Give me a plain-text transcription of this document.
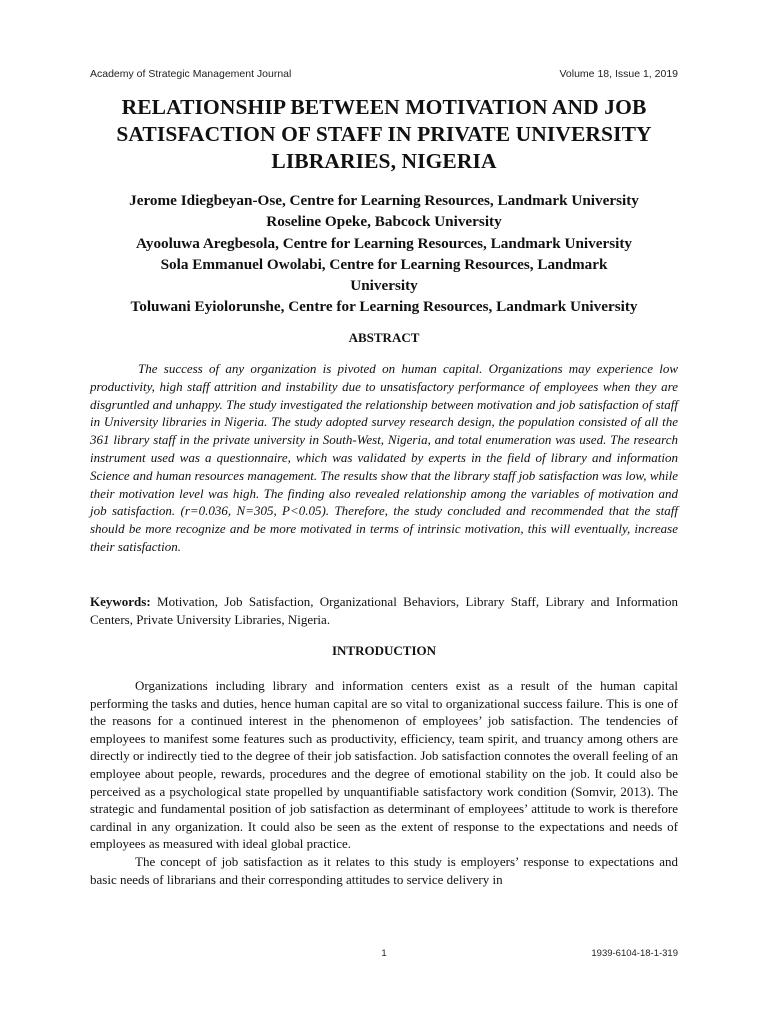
Academy of Strategic Management Journal	Volume 18, Issue 1, 2019
RELATIONSHIP BETWEEN MOTIVATION AND JOB
SATISFACTION OF STAFF IN PRIVATE UNIVERSITY
LIBRARIES, NIGERIA
Jerome Idiegbeyan-Ose, Centre for Learning Resources, Landmark University
Roseline Opeke, Babcock University
Ayooluwa Aregbesola, Centre for Learning Resources, Landmark University
Sola Emmanuel Owolabi, Centre for Learning Resources, Landmark
University
Toluwani Eyiolorunshe, Centre for Learning Resources, Landmark University
ABSTRACT

The success of any organization is pivoted on human capital. Organizations may experience low productivity, high staff attrition and instability due to unsatisfactory performance of employees when they are disgruntled and unhappy. The study investigated the relationship between motivation and job satisfaction of staff in University libraries in Nigeria. The study adopted survey research design, the population consisted of all the 361 library staff in the private university in South-West, Nigeria, and total enumeration was used. The research instrument used was a questionnaire, which was validated by experts in the field of library and information Science and human resources management. The results show that the library staff job satisfaction was low, while their motivation level was high. The finding also revealed relationship among the variables of motivation and job satisfaction. (r=0.036, N=305, P<0.05). Therefore, the study concluded and recommended that the staff should be more recognize and be more motivated in terms of intrinsic motivation, this will eventually, increase their satisfaction.

Keywords: Motivation, Job Satisfaction, Organizational Behaviors, Library Staff, Library and Information Centers, Private University Libraries, Nigeria.

INTRODUCTION

Organizations including library and information centers exist as a result of the human capital performing the tasks and duties, hence human capital are so vital to organizational success failure. This is one of the reasons for a continued interest in the phenomenon of employees’ job satisfaction. The tendencies of employees to manifest some features such as productivity, efficiency, team spirit, and truancy among others are directly or indirectly tied to the degree of their job satisfaction. Job satisfaction connotes the overall feeling of an employee about people, rewards, procedures and the degree of emotional stability on the job. It could also be perceived as a psychological state propelled by unquantifiable satisfactory work condition (Somvir, 2013). The strategic and fundamental position of job satisfaction as determinant of employees’ attitude to work is therefore cardinal in any organization. It could also be seen as the extent of response to the expectations and needs of employees as measured with ideal global practice.

The concept of job satisfaction as it relates to this study is employers’ response to expectations and basic needs of librarians and their corresponding attitudes to service delivery in

1	1939-6104-18-1-319
